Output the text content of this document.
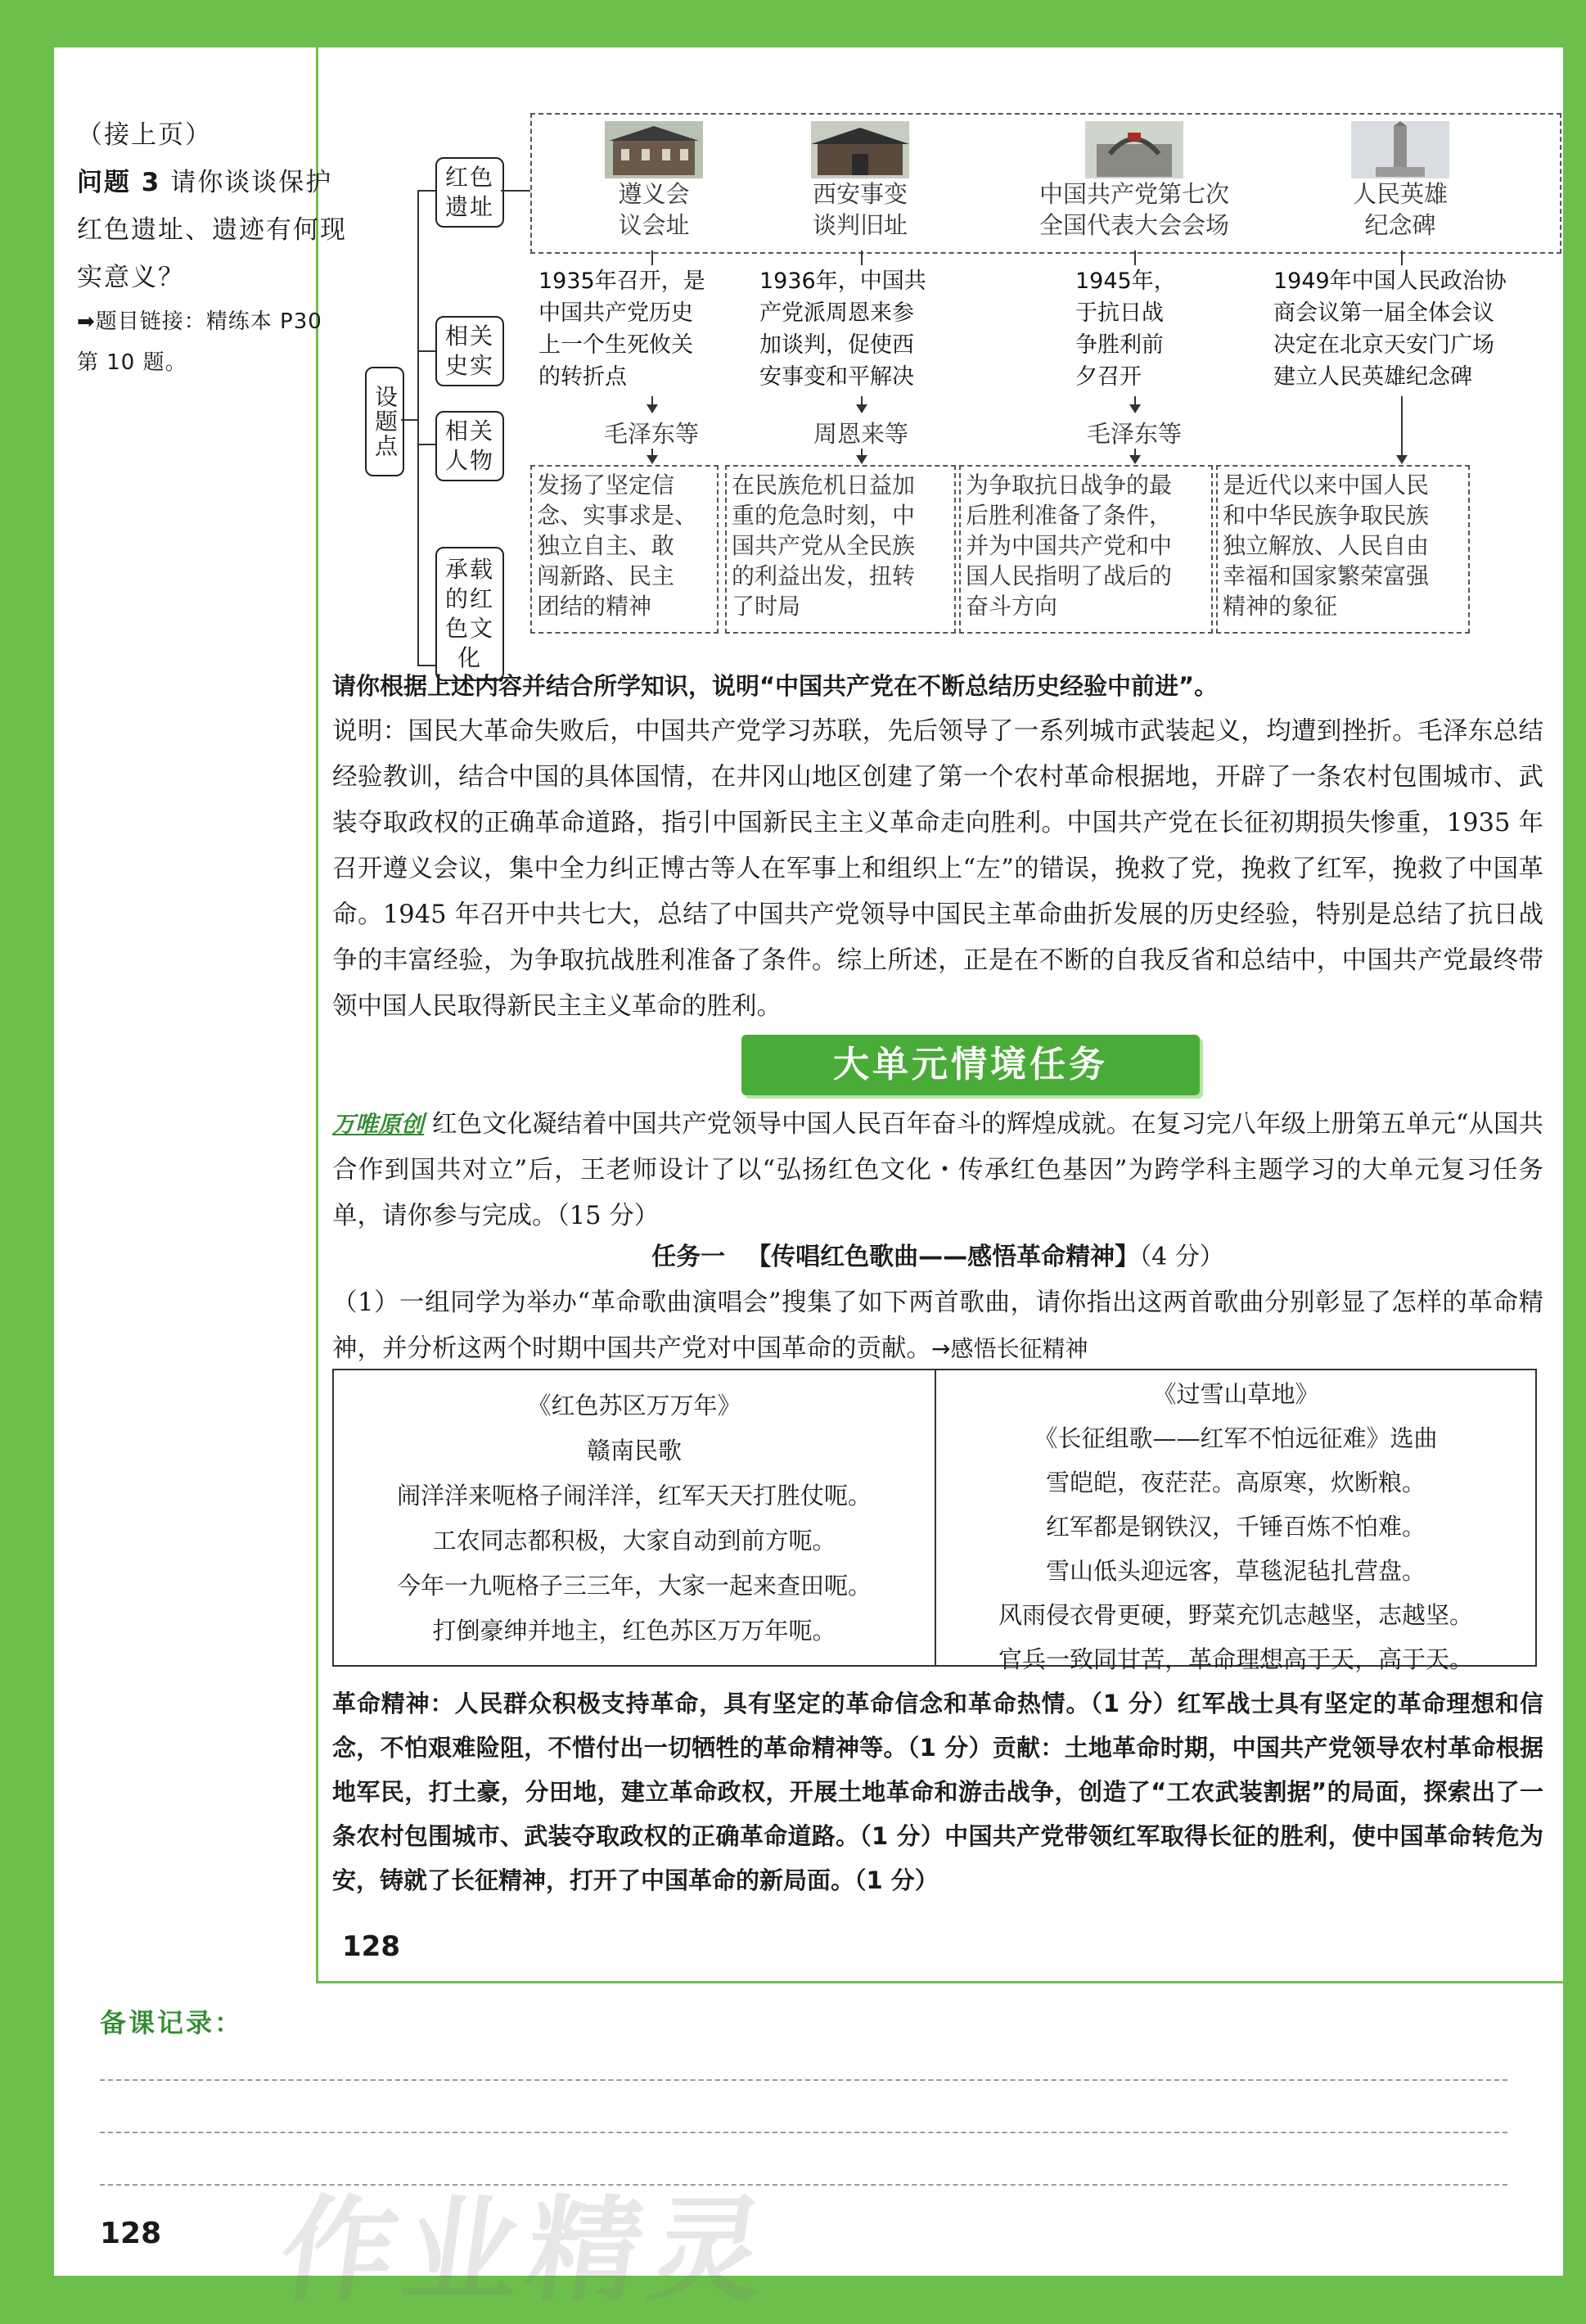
（接上页）
问题 3 请你谈谈保护红色遗址、遗迹有何现实意义？
➡题目链接：精练本 P30 第 10 题。
设题点
红色遗址
相关史实
相关人物
承载的红色文化
遵义会
议会址
西安事变
谈判旧址
中国共产党第七次
全国代表大会会场
人民英雄
纪念碑
1935年召开，是
中国共产党历史
上一个生死攸关
的转折点
1936年，中国共
产党派周恩来参
加谈判，促使西
安事变和平解决
1945年，
于抗日战
争胜利前
夕召开
1949年中国人民政治协
商会议第一届全体会议
决定在北京天安门广场
建立人民英雄纪念碑
毛泽东等	周恩来等	毛泽东等
发扬了坚定信
念、实事求是、
独立自主、敢
闯新路、民主
团结的精神
在民族危机日益加
重的危急时刻，中
国共产党从全民族
的利益出发，扭转
了时局
为争取抗日战争的最
后胜利准备了条件，
并为中国共产党和中
国人民指明了战后的
奋斗方向
是近代以来中国人民
和中华民族争取民族
独立解放、人民自由
幸福和国家繁荣富强
精神的象征
请你根据上述内容并结合所学知识，说明“中国共产党在不断总结历史经验中前进”。
说明：国民大革命失败后，中国共产党学习苏联，先后领导了一系列城市武装起义，均遭到挫折。毛泽东总结经验教训，结合中国的具体国情，在井冈山地区创建了第一个农村革命根据地，开辟了一条农村包围城市、武装夺取政权的正确革命道路，指引中国新民主主义革命走向胜利。中国共产党在长征初期损失惨重，1935 年召开遵义会议，集中全力纠正博古等人在军事上和组织上“左”的错误，挽救了党，挽救了红军，挽救了中国革命。1945 年召开中共七大，总结了中国共产党领导中国民主革命曲折发展的历史经验，特别是总结了抗日战争的丰富经验，为争取抗战胜利准备了条件。综上所述，正是在不断的自我反省和总结中，中国共产党最终带领中国人民取得新民主主义革命的胜利。
大单元情境任务
万唯原创 红色文化凝结着中国共产党领导中国人民百年奋斗的辉煌成就。在复习完八年级上册第五单元“从国共合作到国共对立”后，王老师设计了以“弘扬红色文化・传承红色基因”为跨学科主题学习的大单元复习任务单，请你参与完成。（15 分）
任务一 【传唱红色歌曲——感悟革命精神】（4 分）
（1）一组同学为举办“革命歌曲演唱会”搜集了如下两首歌曲，请你指出这两首歌曲分别彰显了怎样的革命精神，并分析这两个时期中国共产党对中国革命的贡献。→感悟长征精神
《红色苏区万万年》
赣南民歌
闹洋洋来呃格子闹洋洋，红军天天打胜仗呃。
工农同志都积极，大家自动到前方呃。
今年一九呃格子三三年，大家一起来查田呃。
打倒豪绅并地主，红色苏区万万年呃。
《过雪山草地》
《长征组歌——红军不怕远征难》选曲
雪皑皑，夜茫茫。高原寒，炊断粮。
红军都是钢铁汉，千锤百炼不怕难。
雪山低头迎远客，草毯泥毡扎营盘。
风雨侵衣骨更硬，野菜充饥志越坚，志越坚。
官兵一致同甘苦，革命理想高于天，高于天。
革命精神：人民群众积极支持革命，具有坚定的革命信念和革命热情。（1 分）红军战士具有坚定的革命理想和信念，不怕艰难险阻，不惜付出一切牺牲的革命精神等。（1 分）贡献：土地革命时期，中国共产党领导农村革命根据地军民，打土豪，分田地，建立革命政权，开展土地革命和游击战争，创造了“工农武装割据”的局面，探索出了一条农村包围城市、武装夺取政权的正确革命道路。（1 分）中国共产党带领红军取得长征的胜利，使中国革命转危为安，铸就了长征精神，打开了中国革命的新局面。（1 分）
128
备课记录：
128 作业精灵
